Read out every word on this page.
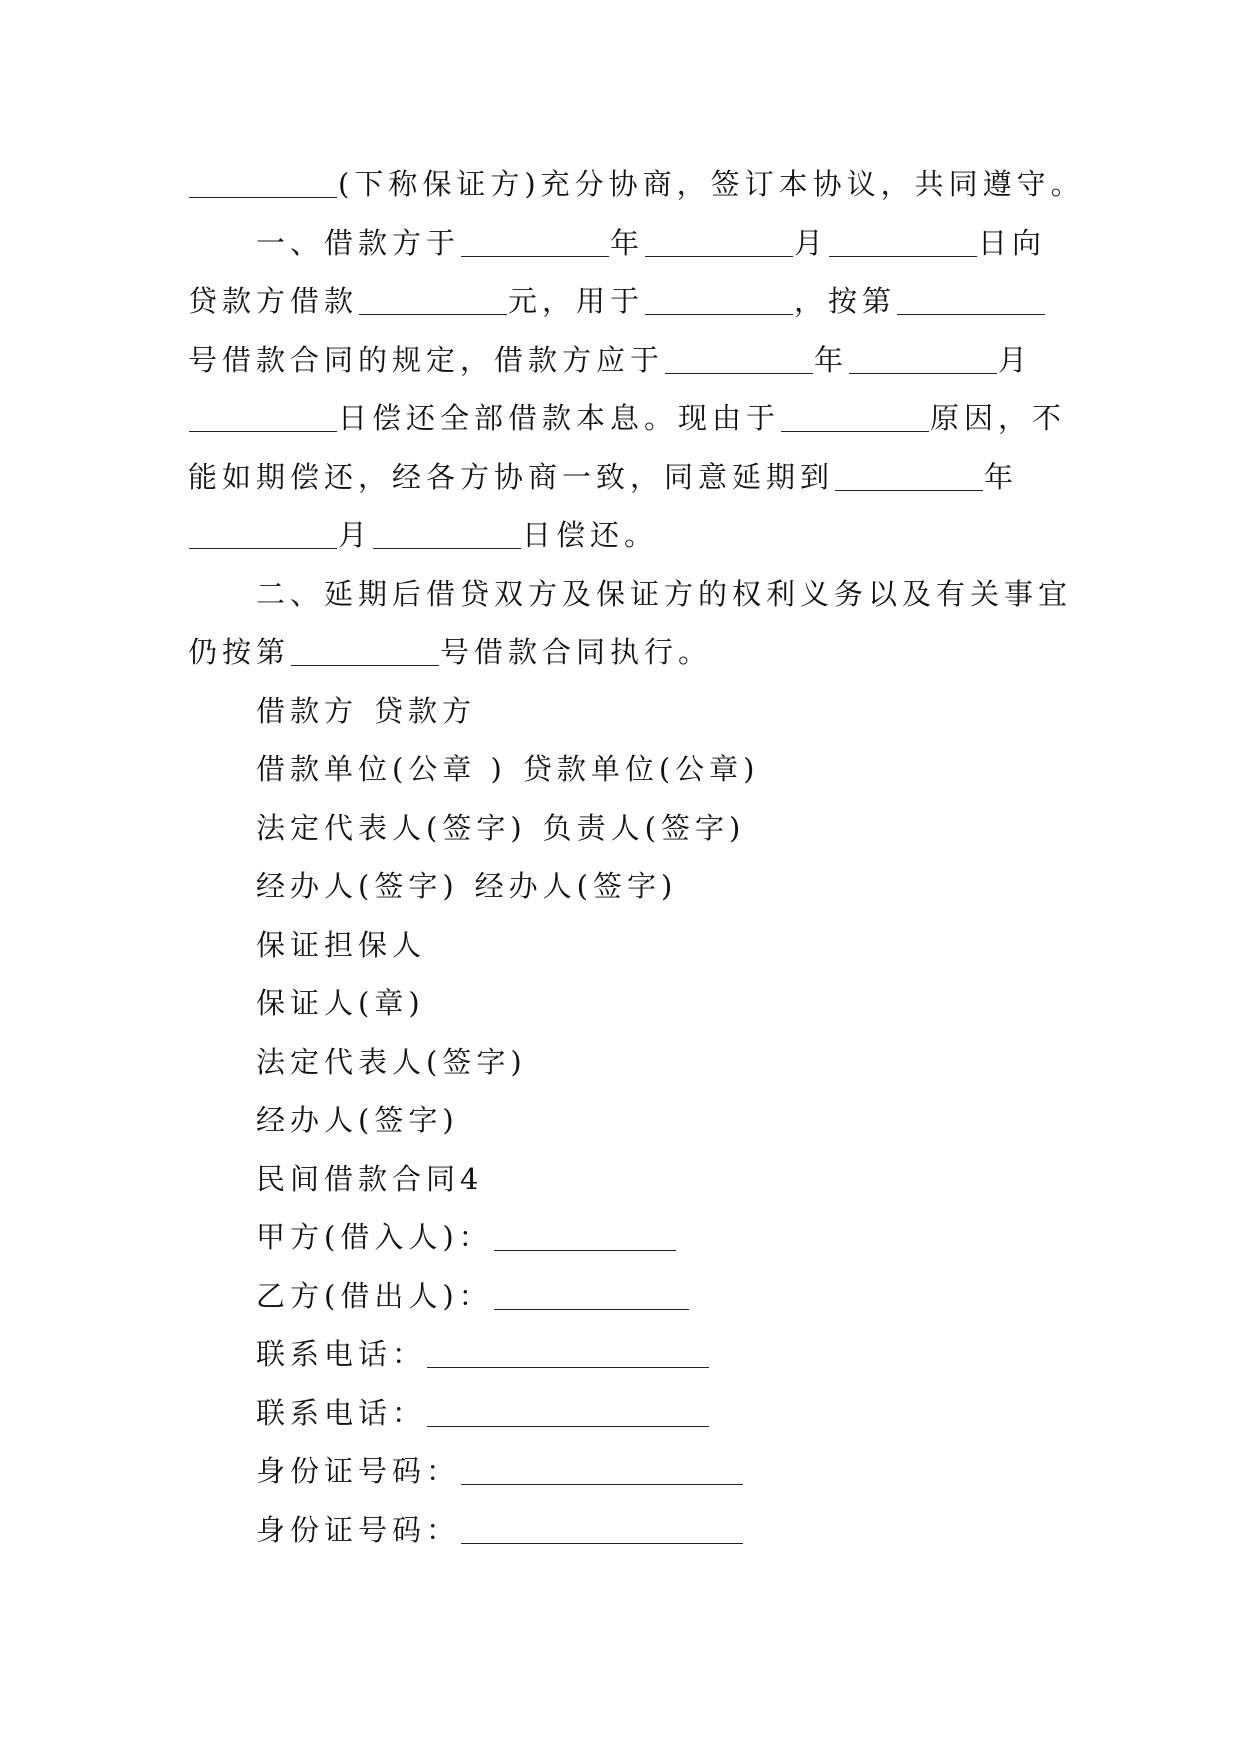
(下称保证方)充分协商，签订本协议，共同遵守。
一、借款方于	年	月	日向
贷款方借款	元，用于	，按第
号借款合同的规定，借款方应于	年	月
日偿还全部借款本息。现由于	原因，不
能如期偿还，经各方协商一致，同意延期到	年
月	日偿还。
二、延期后借贷双方及保证方的权利义务以及有关事宜
仍按第	号借款合同执行。
借款方 贷款方
借款单位(公章 ) 贷款单位(公章)
法定代表人(签字) 负责人(签字)
经办人(签字) 经办人(签字)
保证担保人
保证人(章)
法定代表人(签字)
经办人(签字)
民间借款合同4
甲方(借入人)：
乙方(借出人)：
联系电话：
联系电话：
身份证号码：
身份证号码：
